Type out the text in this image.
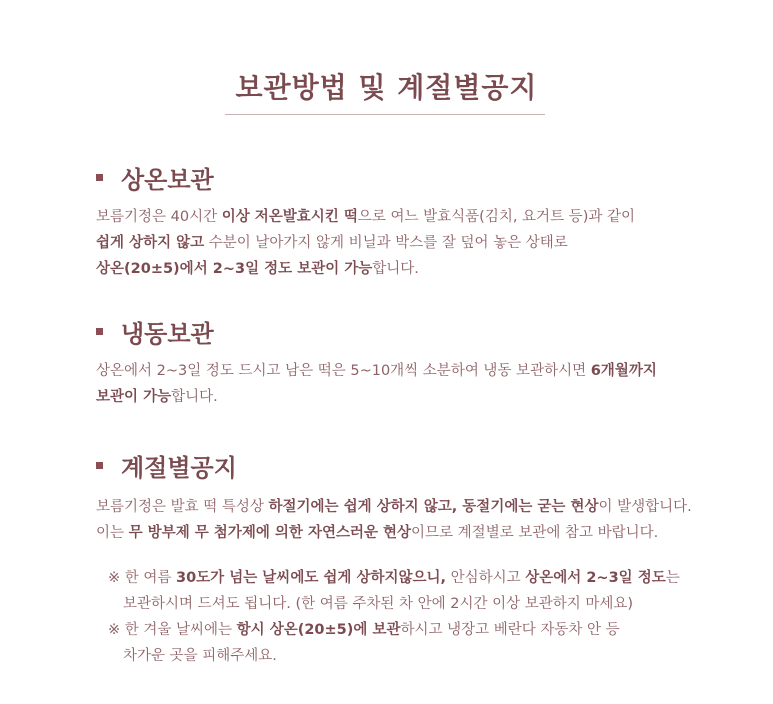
보관방법 및 계절별공지
상온보관
보름기정은 40시간 이상 저온발효시킨 떡으로 여느 발효식품(김치, 요거트 등)과 같이
쉽게 상하지 않고 수분이 날아가지 않게 비닐과 박스를 잘 덮어 놓은 상태로
상온(20±5)에서 2~3일 정도 보관이 가능합니다.
냉동보관
상온에서 2~3일 정도 드시고 남은 떡은 5~10개씩 소분하여 냉동 보관하시면 6개월까지
보관이 가능합니다.
계절별공지
보름기정은 발효 떡 특성상 하절기에는 쉽게 상하지 않고, 동절기에는 굳는 현상이 발생합니다.
이는 무 방부제 무 첨가제에 의한 자연스러운 현상이므로 계절별로 보관에 참고 바랍니다.
※ 한 여름 30도가 넘는 날씨에도 쉽게 상하지않으니, 안심하시고 상온에서 2~3일 정도는
보관하시며 드셔도 됩니다. (한 여름 주차된 차 안에 2시간 이상 보관하지 마세요)
※ 한 겨울 날씨에는 항시 상온(20±5)에 보관하시고 냉장고 베란다 자동차 안 등
차가운 곳을 피해주세요.
